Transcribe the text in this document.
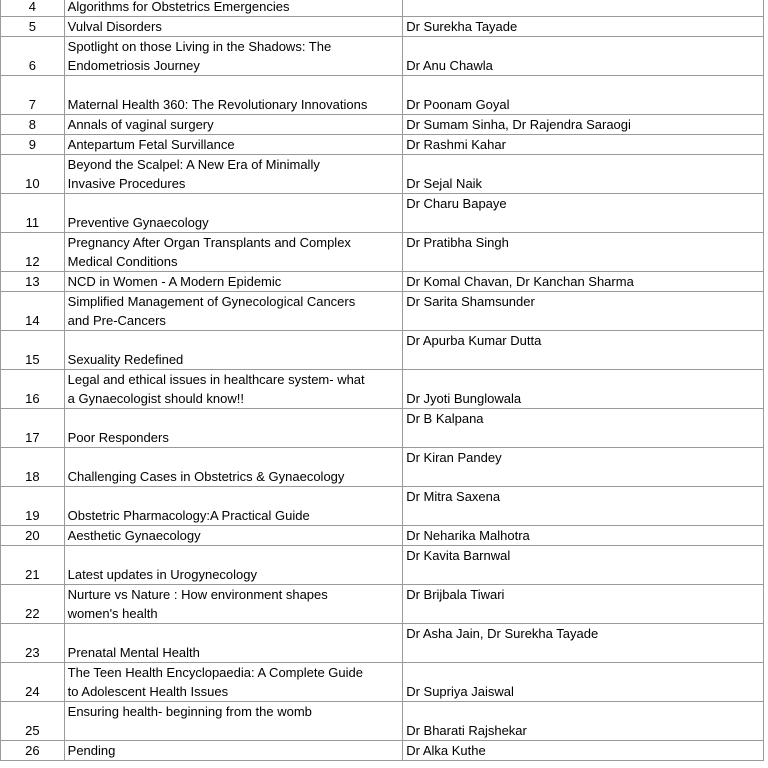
4	Algorithms for Obstetrics Emergencies	
5	Vulval Disorders	Dr Surekha Tayade
6	Spotlight on those Living in the Shadows: The
Endometriosis Journey	Dr Anu Chawla
7	Maternal Health 360: The Revolutionary Innovations	Dr Poonam Goyal
8	Annals of vaginal surgery	Dr Sumam Sinha, Dr Rajendra Saraogi
9	Antepartum Fetal Survillance	Dr Rashmi Kahar
10	Beyond the Scalpel: A New Era of Minimally
Invasive Procedures	Dr Sejal Naik
11	Preventive Gynaecology	Dr Charu Bapaye
12	Pregnancy After Organ Transplants and Complex
Medical Conditions	Dr Pratibha Singh
13	NCD in Women - A Modern Epidemic	Dr Komal Chavan, Dr Kanchan Sharma
14	Simplified Management of Gynecological Cancers
and Pre-Cancers	Dr Sarita Shamsunder
15	Sexuality Redefined	Dr Apurba Kumar Dutta
16	Legal and ethical issues in healthcare system- what
a Gynaecologist should know!!	Dr Jyoti Bunglowala
17	Poor Responders	Dr B Kalpana
18	Challenging Cases in Obstetrics & Gynaecology	Dr Kiran Pandey
19	Obstetric Pharmacology:A Practical Guide	Dr Mitra Saxena
20	Aesthetic Gynaecology	Dr Neharika Malhotra
21	Latest updates in Urogynecology	Dr Kavita Barnwal
22	Nurture vs Nature : How environment shapes
women's health	Dr Brijbala Tiwari
23	Prenatal Mental Health	Dr Asha Jain, Dr Surekha Tayade
24	The Teen Health Encyclopaedia: A Complete Guide
to Adolescent Health Issues	Dr Supriya Jaiswal
25	Ensuring health- beginning from the womb	Dr Bharati Rajshekar
26	Pending	Dr Alka Kuthe
